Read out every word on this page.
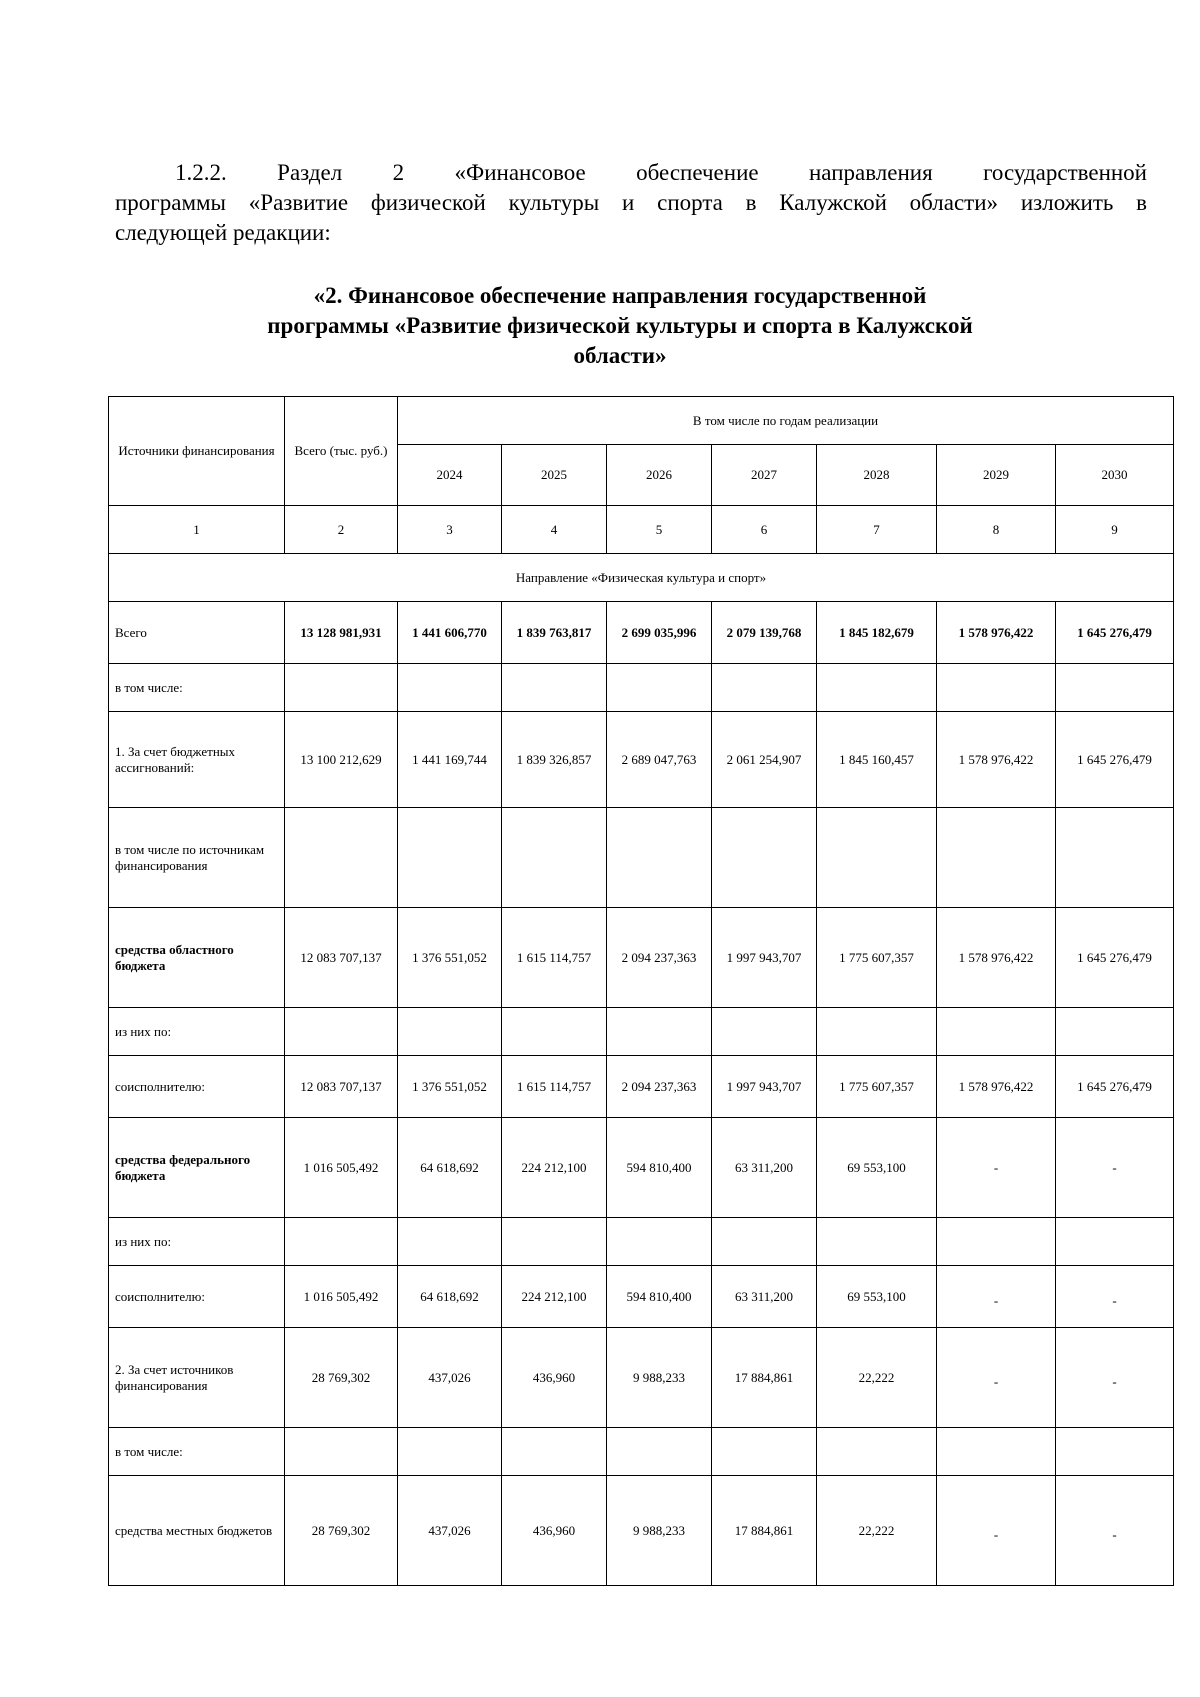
1.2.2. Раздел 2 «Финансовое обеспечение направления государственной
программы «Развитие физической культуры и спорта в Калужской области» изложить в
следующей редакции:
«2. Финансовое обеспечение направления государственной
программы «Развитие физической культуры и спорта в Калужской
области»
Источники финансирования	Всего (тыс. руб.)	В том числе по годам реализации						
		2024	2025	2026	2027	2028	2029	2030
1	2	3	4	5	6	7	8	9
Направление «Физическая культура и спорт»								
Всего	13 128 981,931	1 441 606,770	1 839 763,817	2 699 035,996	2 079 139,768	1 845 182,679	1 578 976,422	1 645 276,479
в том числе:								
1. За счет бюджетных ассигнований:	13 100 212,629	1 441 169,744	1 839 326,857	2 689 047,763	2 061 254,907	1 845 160,457	1 578 976,422	1 645 276,479
в том числе по источникам финансирования								
средства областного бюджета	12 083 707,137	1 376 551,052	1 615 114,757	2 094 237,363	1 997 943,707	1 775 607,357	1 578 976,422	1 645 276,479
из них по:								
соисполнителю:	12 083 707,137	1 376 551,052	1 615 114,757	2 094 237,363	1 997 943,707	1 775 607,357	1 578 976,422	1 645 276,479
средства федерального бюджета	1 016 505,492	64 618,692	224 212,100	594 810,400	63 311,200	69 553,100	-	-
из них по:								
соисполнителю:	1 016 505,492	64 618,692	224 212,100	594 810,400	63 311,200	69 553,100	-	-
2. За счет источников финансирования	28 769,302	437,026	436,960	9 988,233	17 884,861	22,222	-	-
в том числе:								
средства местных бюджетов	28 769,302	437,026	436,960	9 988,233	17 884,861	22,222	-	-
